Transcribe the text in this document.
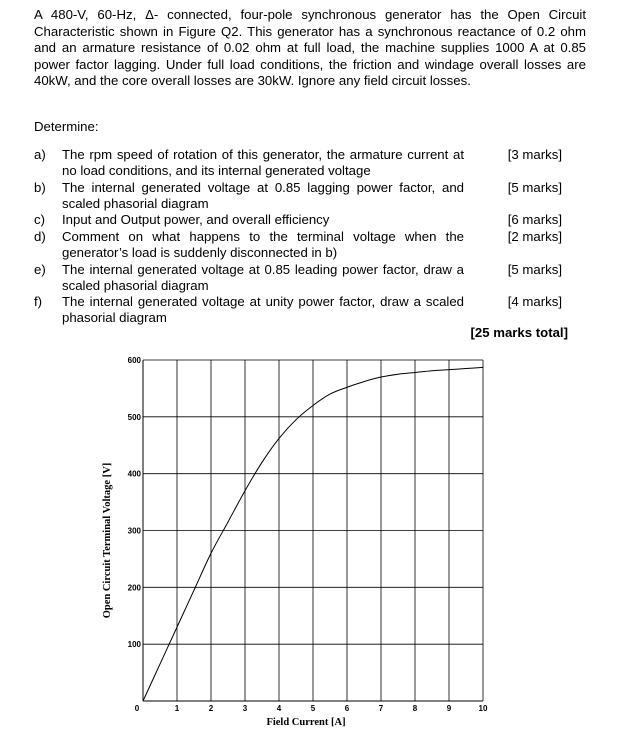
A 480-V, 60-Hz, Δ- connected, four-pole synchronous generator has the Open Circuit Characteristic shown in Figure Q2. This generator has a synchronous reactance of 0.2 ohm and an armature resistance of 0.02 ohm at full load, the machine supplies 1000 A at 0.85 power factor lagging. Under full load conditions, the friction and windage overall losses are 40kW, and the core overall losses are 30kW. Ignore any field circuit losses.
Determine:
a) The rpm speed of rotation of this generator, the armature current at no load conditions, and its internal generated voltage
[3 marks]
b) The internal generated voltage at 0.85 lagging power factor, and scaled phasorial diagram
[5 marks]
c) Input and Output power, and overall efficiency	[6 marks]
d) Comment on what happens to the terminal voltage when the generator’s load is suddenly disconnected in b)
[2 marks]
e) The internal generated voltage at 0.85 leading power factor, draw a scaled phasorial diagram
[5 marks]
f) The internal generated voltage at unity power factor, draw a scaled phasorial diagram
[4 marks]
[25 marks total]
0	1	2	3	4	5	6	7	8	9	10
100
200
300
400
500
600
Field Current [A]
Open Circuit Terminal Voltage [V]
